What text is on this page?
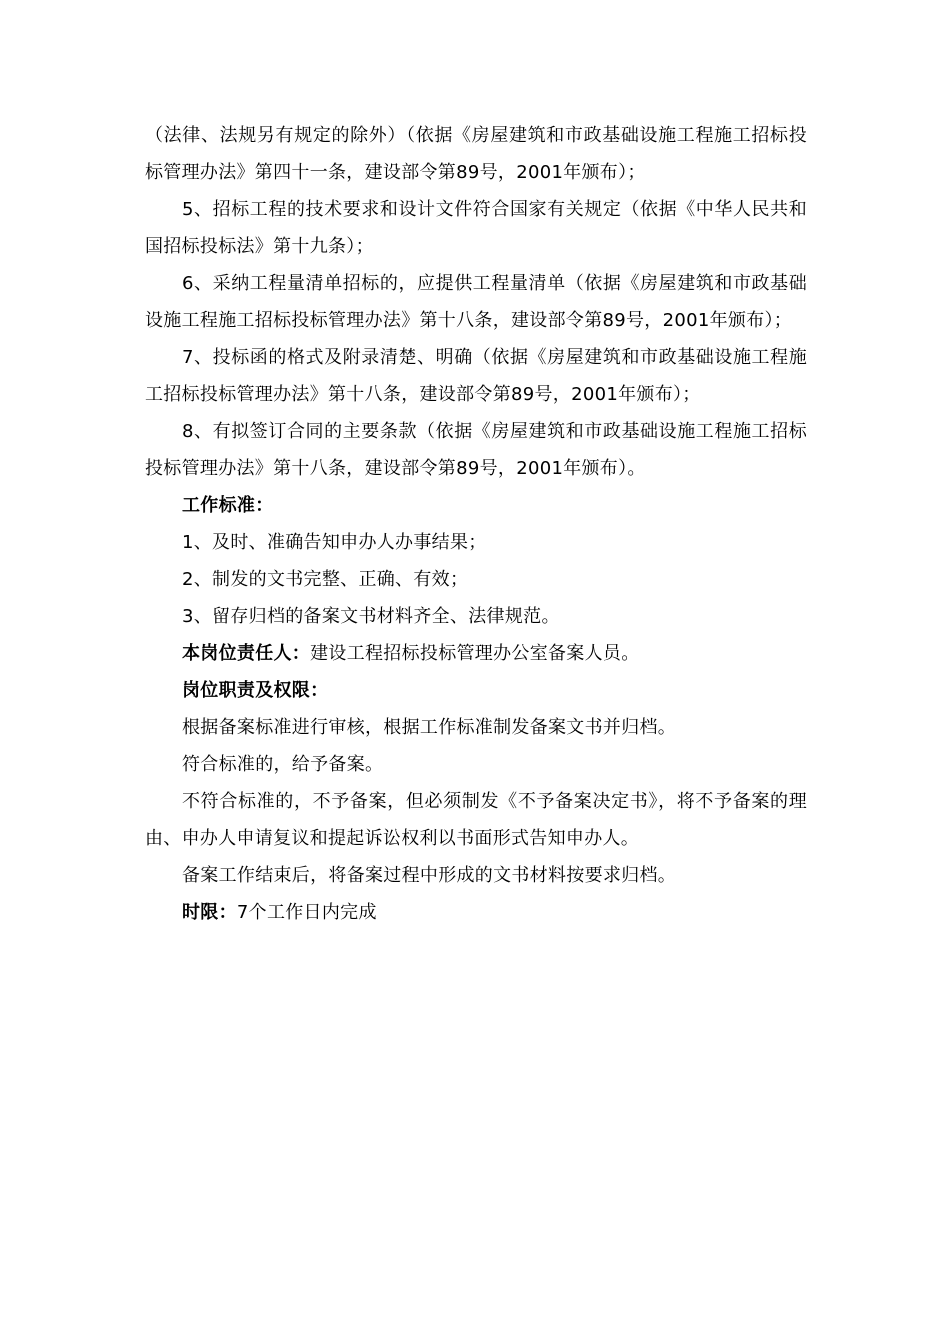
（法律、法规另有规定的除外）（依据《房屋建筑和市政基础设施工程施工招标投标管理办法》第四十一条，建设部令第89号，2001年颁布）；

5、招标工程的技术要求和设计文件符合国家有关规定（依据《中华人民共和国招标投标法》第十九条）；

6、采纳工程量清单招标的，应提供工程量清单（依据《房屋建筑和市政基础设施工程施工招标投标管理办法》第十八条，建设部令第89号，2001年颁布）；

7、投标函的格式及附录清楚、明确（依据《房屋建筑和市政基础设施工程施工招标投标管理办法》第十八条，建设部令第89号，2001年颁布）；

8、有拟签订合同的主要条款（依据《房屋建筑和市政基础设施工程施工招标投标管理办法》第十八条，建设部令第89号，2001年颁布）。

工作标准：

1、及时、准确告知申办人办事结果；

2、制发的文书完整、正确、有效；

3、留存归档的备案文书材料齐全、法律规范。

本岗位责任人：建设工程招标投标管理办公室备案人员。

岗位职责及权限：

根据备案标准进行审核，根据工作标准制发备案文书并归档。

符合标准的，给予备案。

不符合标准的，不予备案，但必须制发《不予备案决定书》，将不予备案的理由、申办人申请复议和提起诉讼权利以书面形式告知申办人。

备案工作结束后，将备案过程中形成的文书材料按要求归档。

时限：7个工作日内完成
